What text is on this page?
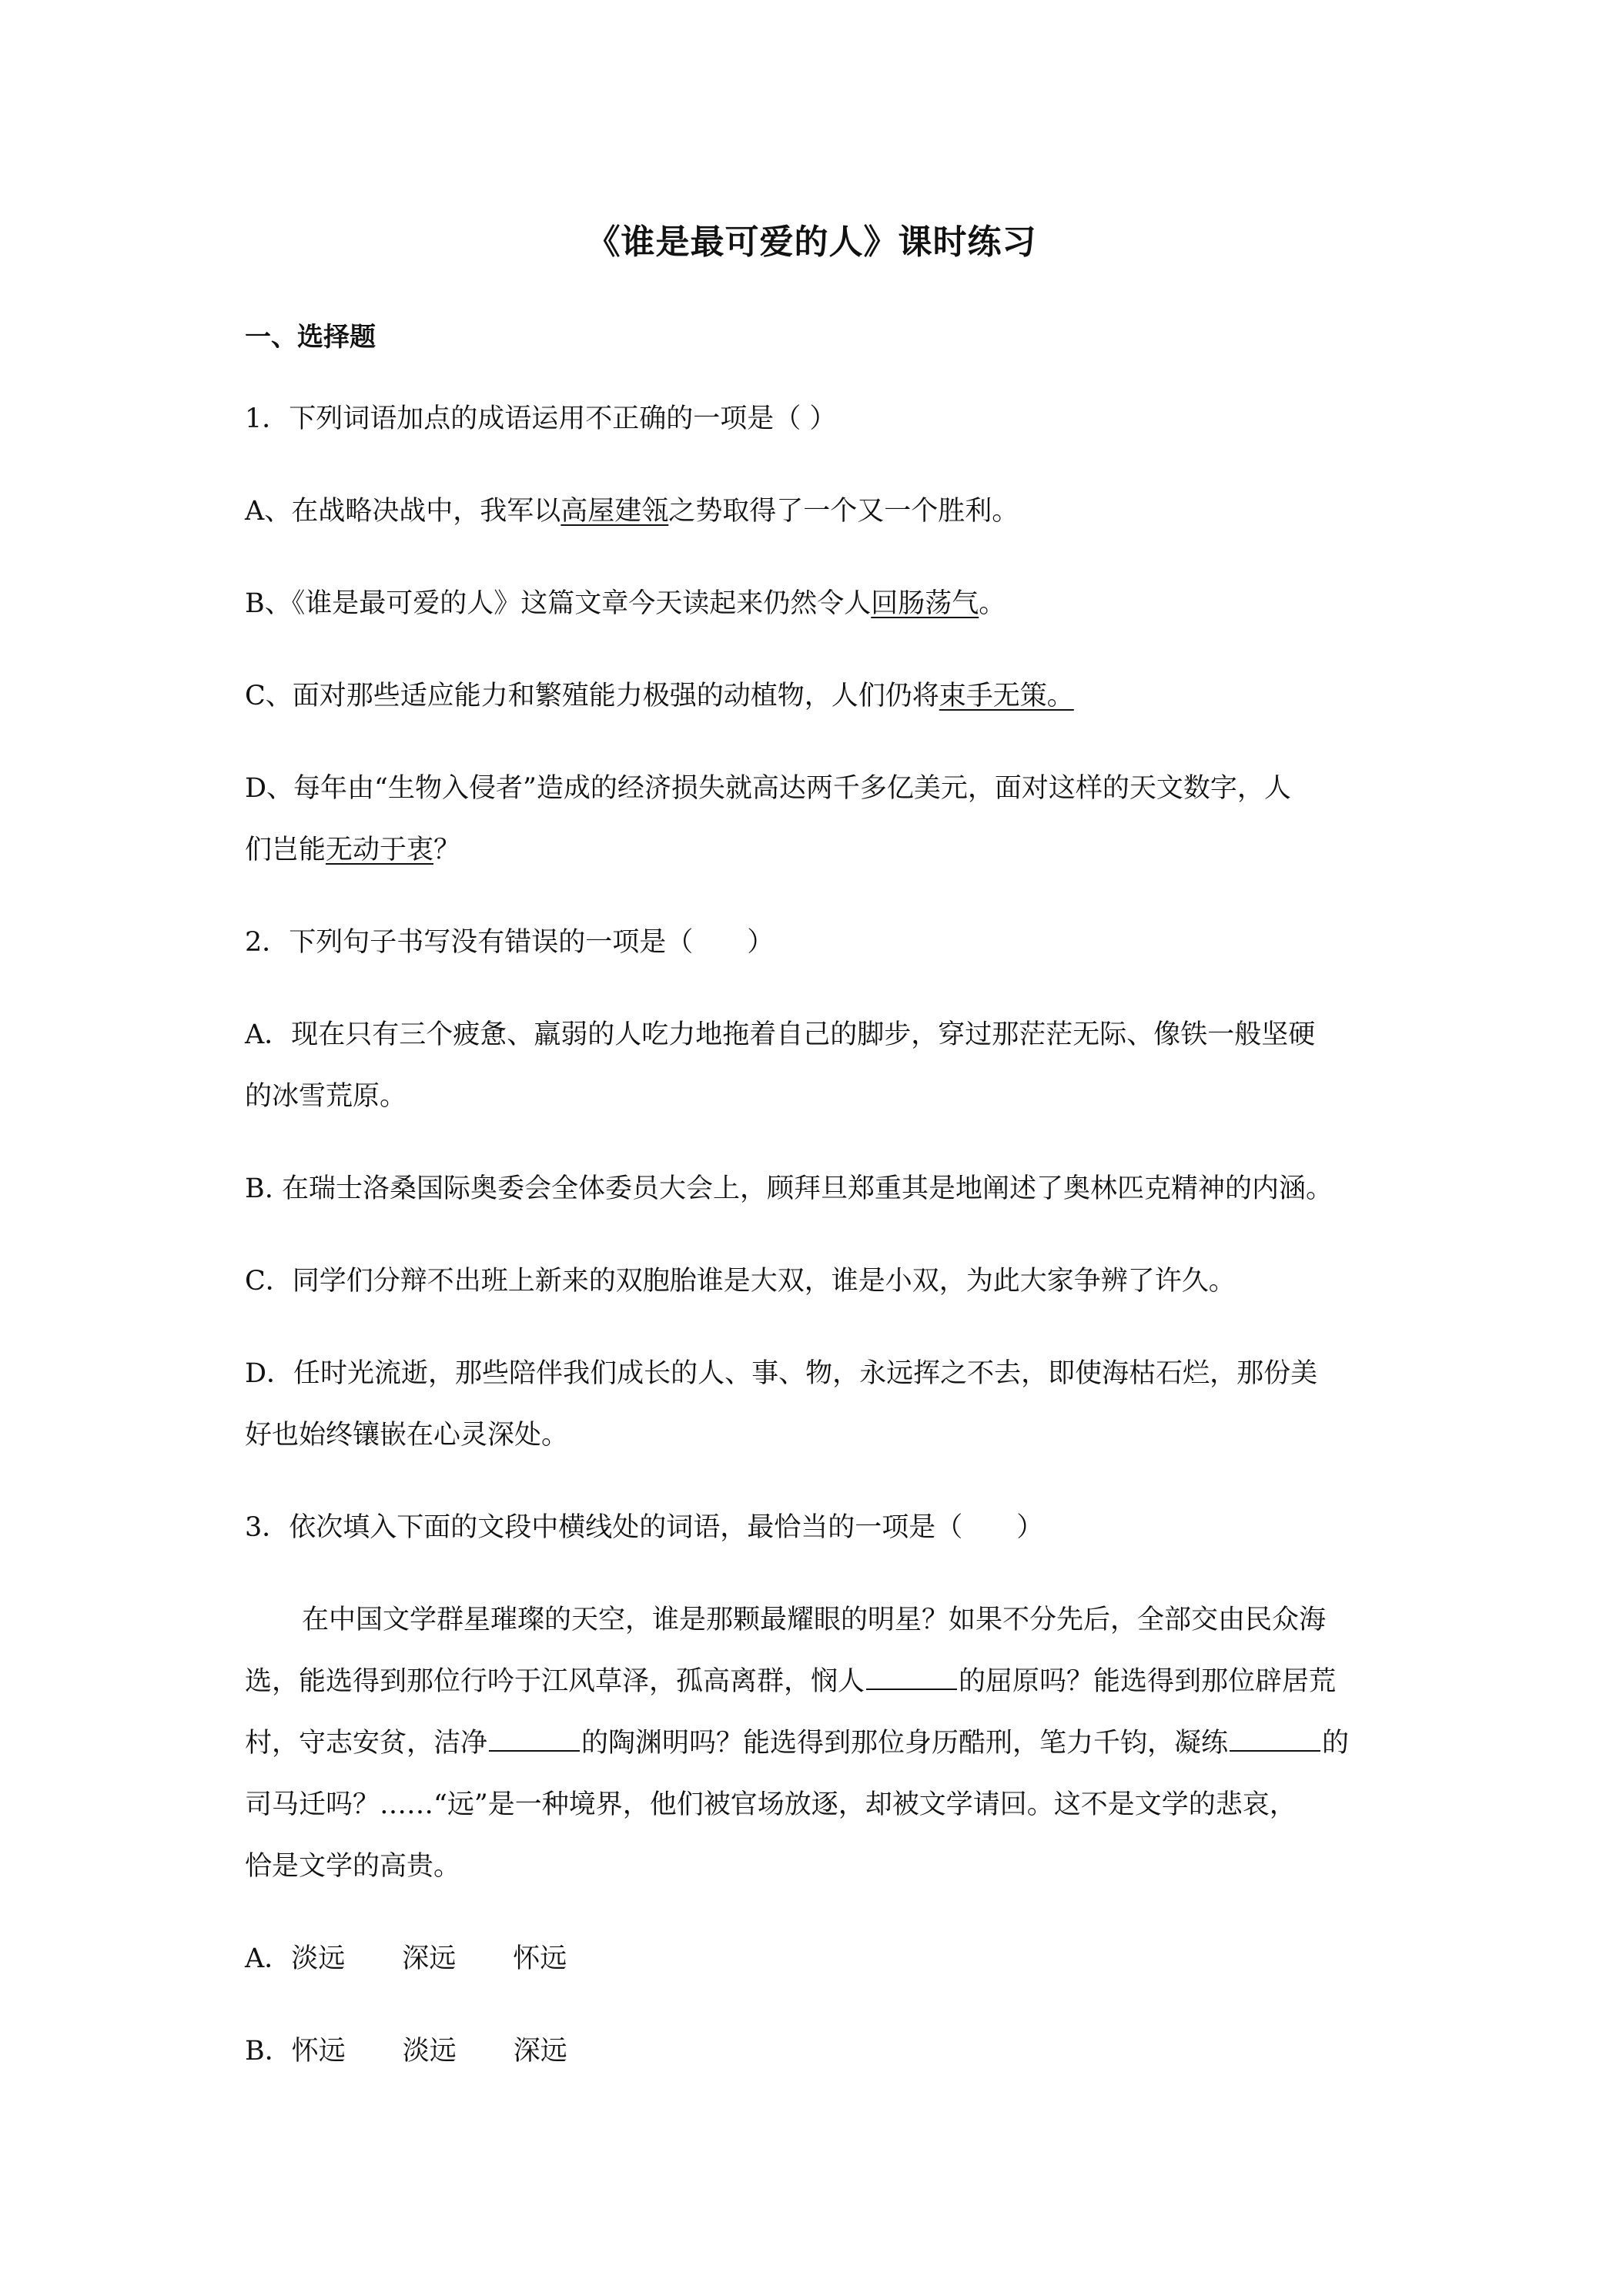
《谁是最可爱的人》课时练习
一、选择题
1．下列词语加点的成语运用不正确的一项是（ ）
A、在战略决战中，我军以高屋建瓴之势取得了一个又一个胜利。
B、《谁是最可爱的人》这篇文章今天读起来仍然令人回肠荡气。
C、面对那些适应能力和繁殖能力极强的动植物，人们仍将束手无策。
D、每年由“生物入侵者”造成的经济损失就高达两千多亿美元，面对这样的天文数字，人
们岂能无动于衷？
2．下列句子书写没有错误的一项是（　　）
A．现在只有三个疲惫、羸弱的人吃力地拖着自己的脚步，穿过那茫茫无际、像铁一般坚硬
的冰雪荒原。
B. 在瑞士洛桑国际奥委会全体委员大会上，顾拜旦郑重其是地阐述了奥林匹克精神的内涵。
C．同学们分辩不出班上新来的双胞胎谁是大双，谁是小双，为此大家争辨了许久。
D．任时光流逝，那些陪伴我们成长的人、事、物，永远挥之不去，即使海枯石烂，那份美
好也始终镶嵌在心灵深处。
3．依次填入下面的文段中横线处的词语，最恰当的一项是（　　）
在中国文学群星璀璨的天空，谁是那颗最耀眼的明星？如果不分先后，全部交由民众海
选，能选得到那位行吟于江风草泽，孤高离群，悯人	的屈原吗？能选得到那位辟居荒
村，守志安贫，洁净	的陶渊明吗？能选得到那位身历酷刑，笔力千钧，凝练	的
司马迁吗？……“远”是一种境界，他们被官场放逐，却被文学请回。这不是文学的悲哀，
恰是文学的高贵。
A．淡远 深远 怀远
B．怀远 淡远 深远
